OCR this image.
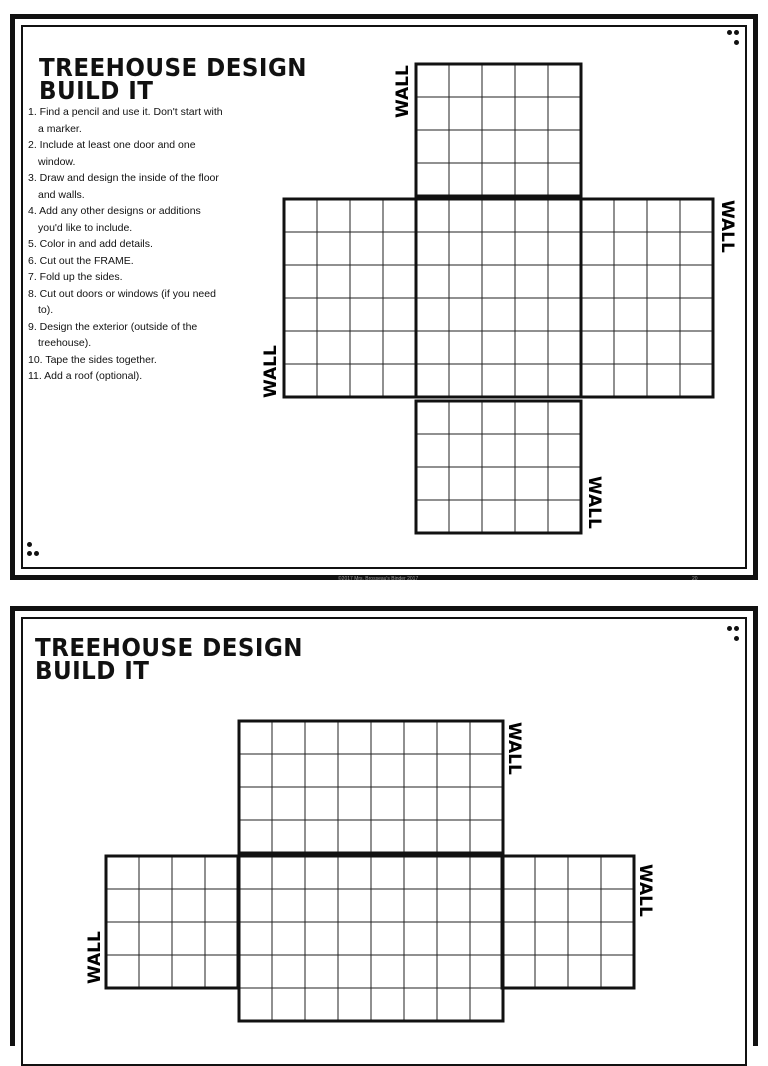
TREEHOUSE DESIGN
BUILD IT
1. Find a pencil and use it. Don't start with a marker.
2. Include at least one door and one window.
3. Draw and design the inside of the floor and walls.
4. Add any other designs or additions you'd like to include.
5. Color in and add details.
6. Cut out the FRAME.
7. Fold up the sides.
8. Cut out doors or windows (if you need to).
9. Design the exterior (outside of the treehouse).
10. Tape the sides together.
11. Add a roof (optional).
WALL
WALL
WALL
WALL
©2017 Mrs. Brosseau's Binder 2017	20
TREEHOUSE DESIGN
BUILD IT
WALL
WALL
WALL
